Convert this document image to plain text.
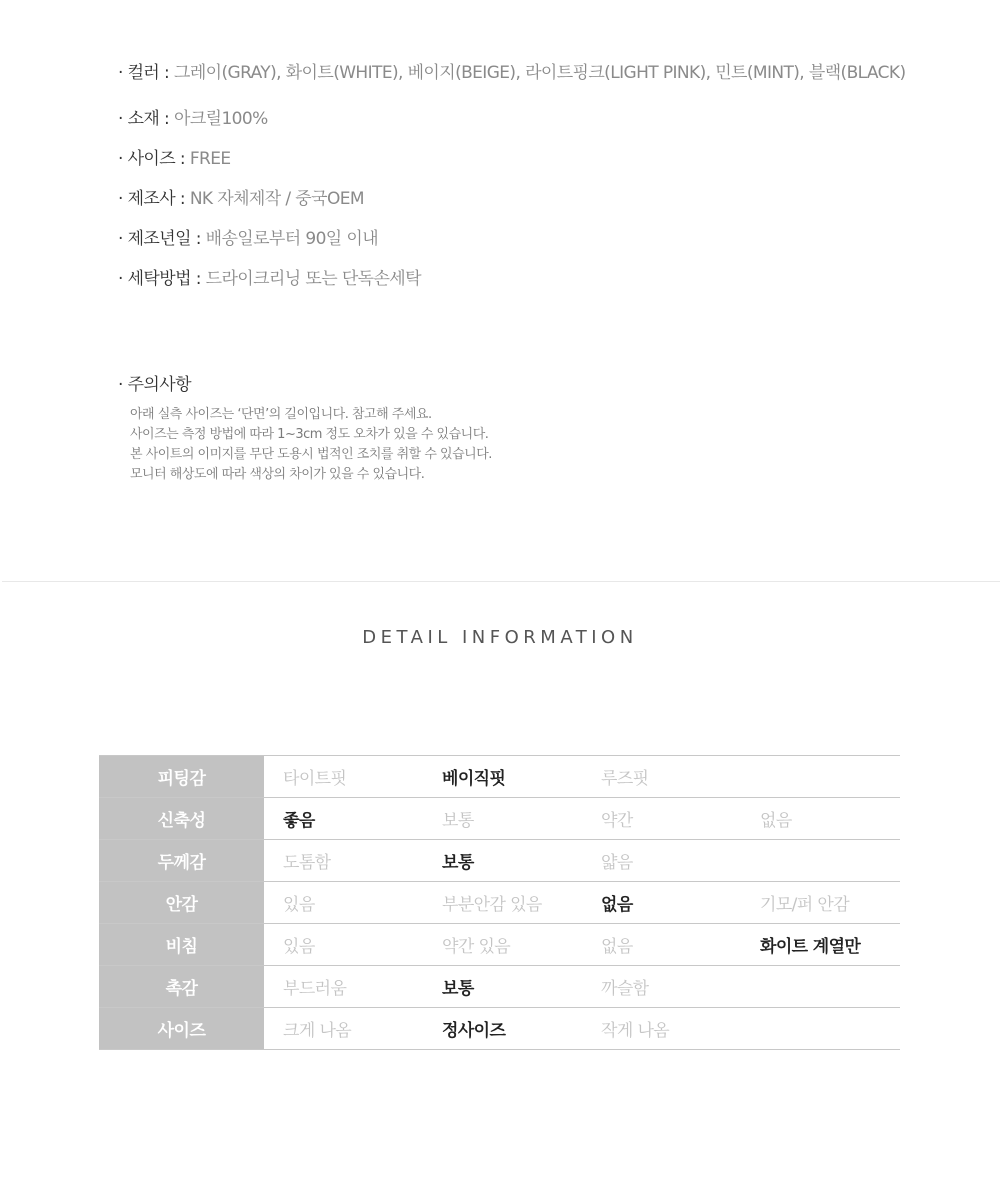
· 컬러 : 그레이(GRAY), 화이트(WHITE), 베이지(BEIGE), 라이트핑크(LIGHT PINK), 민트(MINT), 블랙(BLACK)
· 소재 : 아크릴100%
· 사이즈 : FREE
· 제조사 : NK 자체제작 / 중국OEM
· 제조년일 : 배송일로부터 90일 이내
· 세탁방법 : 드라이크리닝 또는 단독손세탁
· 주의사항
아래 실측 사이즈는 ‘단면’의 길이입니다. 참고해 주세요.
사이즈는 측정 방법에 따라 1~3cm 정도 오차가 있을 수 있습니다.
본 사이트의 이미지를 무단 도용시 법적인 조치를 취할 수 있습니다.
모니터 해상도에 따라 색상의 차이가 있을 수 있습니다.
DETAIL INFORMATION
피팅감	타이트핏	베이직핏	루즈핏
신축성	좋음	보통	약간	없음
두께감	도톰함	보통	얇음
안감	있음	부분안감 있음	없음	기모/퍼 안감
비침	있음	약간 있음	없음	화이트 계열만
촉감	부드러움	보통	까슬함
사이즈	크게 나옴	정사이즈	작게 나옴
